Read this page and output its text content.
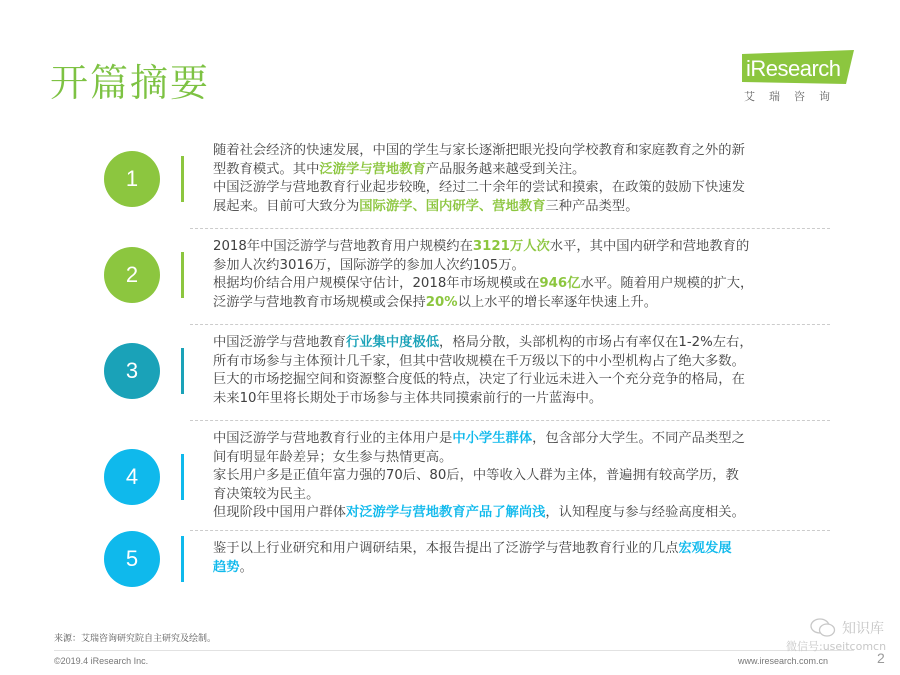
开篇摘要	iResearch
艾瑞咨询
1
随着社会经济的快速发展，中国的学生与家长逐渐把眼光投向学校教育和家庭教育之外的新
型教育模式。其中泛游学与营地教育产品服务越来越受到关注。
中国泛游学与营地教育行业起步较晚，经过二十余年的尝试和摸索，在政策的鼓励下快速发
展起来。目前可大致分为国际游学、国内研学、营地教育三种产品类型。
2
2018年中国泛游学与营地教育用户规模约在3121万人次水平，其中国内研学和营地教育的
参加人次约3016万，国际游学的参加人次约105万。
根据均价结合用户规模保守估计，2018年市场规模或在946亿水平。随着用户规模的扩大，
泛游学与营地教育市场规模或会保持20%以上水平的增长率逐年快速上升。
3
中国泛游学与营地教育行业集中度极低，格局分散，头部机构的市场占有率仅在1-2%左右，
所有市场参与主体预计几千家，但其中营收规模在千万级以下的中小型机构占了绝大多数。
巨大的市场挖掘空间和资源整合度低的特点，决定了行业远未进入一个充分竞争的格局，在
未来10年里将长期处于市场参与主体共同摸索前行的一片蓝海中。
4
中国泛游学与营地教育行业的主体用户是中小学生群体，包含部分大学生。不同产品类型之
间有明显年龄差异；女生参与热情更高。
家长用户多是正值年富力强的70后、80后，中等收入人群为主体，普遍拥有较高学历，教
育决策较为民主。
但现阶段中国用户群体对泛游学与营地教育产品了解尚浅，认知程度与参与经验高度相关。
5	鉴于以上行业研究和用户调研结果，本报告提出了泛游学与营地教育行业的几点宏观发展
趋势。
来源：艾瑞咨询研究院自主研究及绘制。
©2019.4 iResearch Inc.	www.iresearch.com.cn	2
知识库
微信号:useitcomcn
